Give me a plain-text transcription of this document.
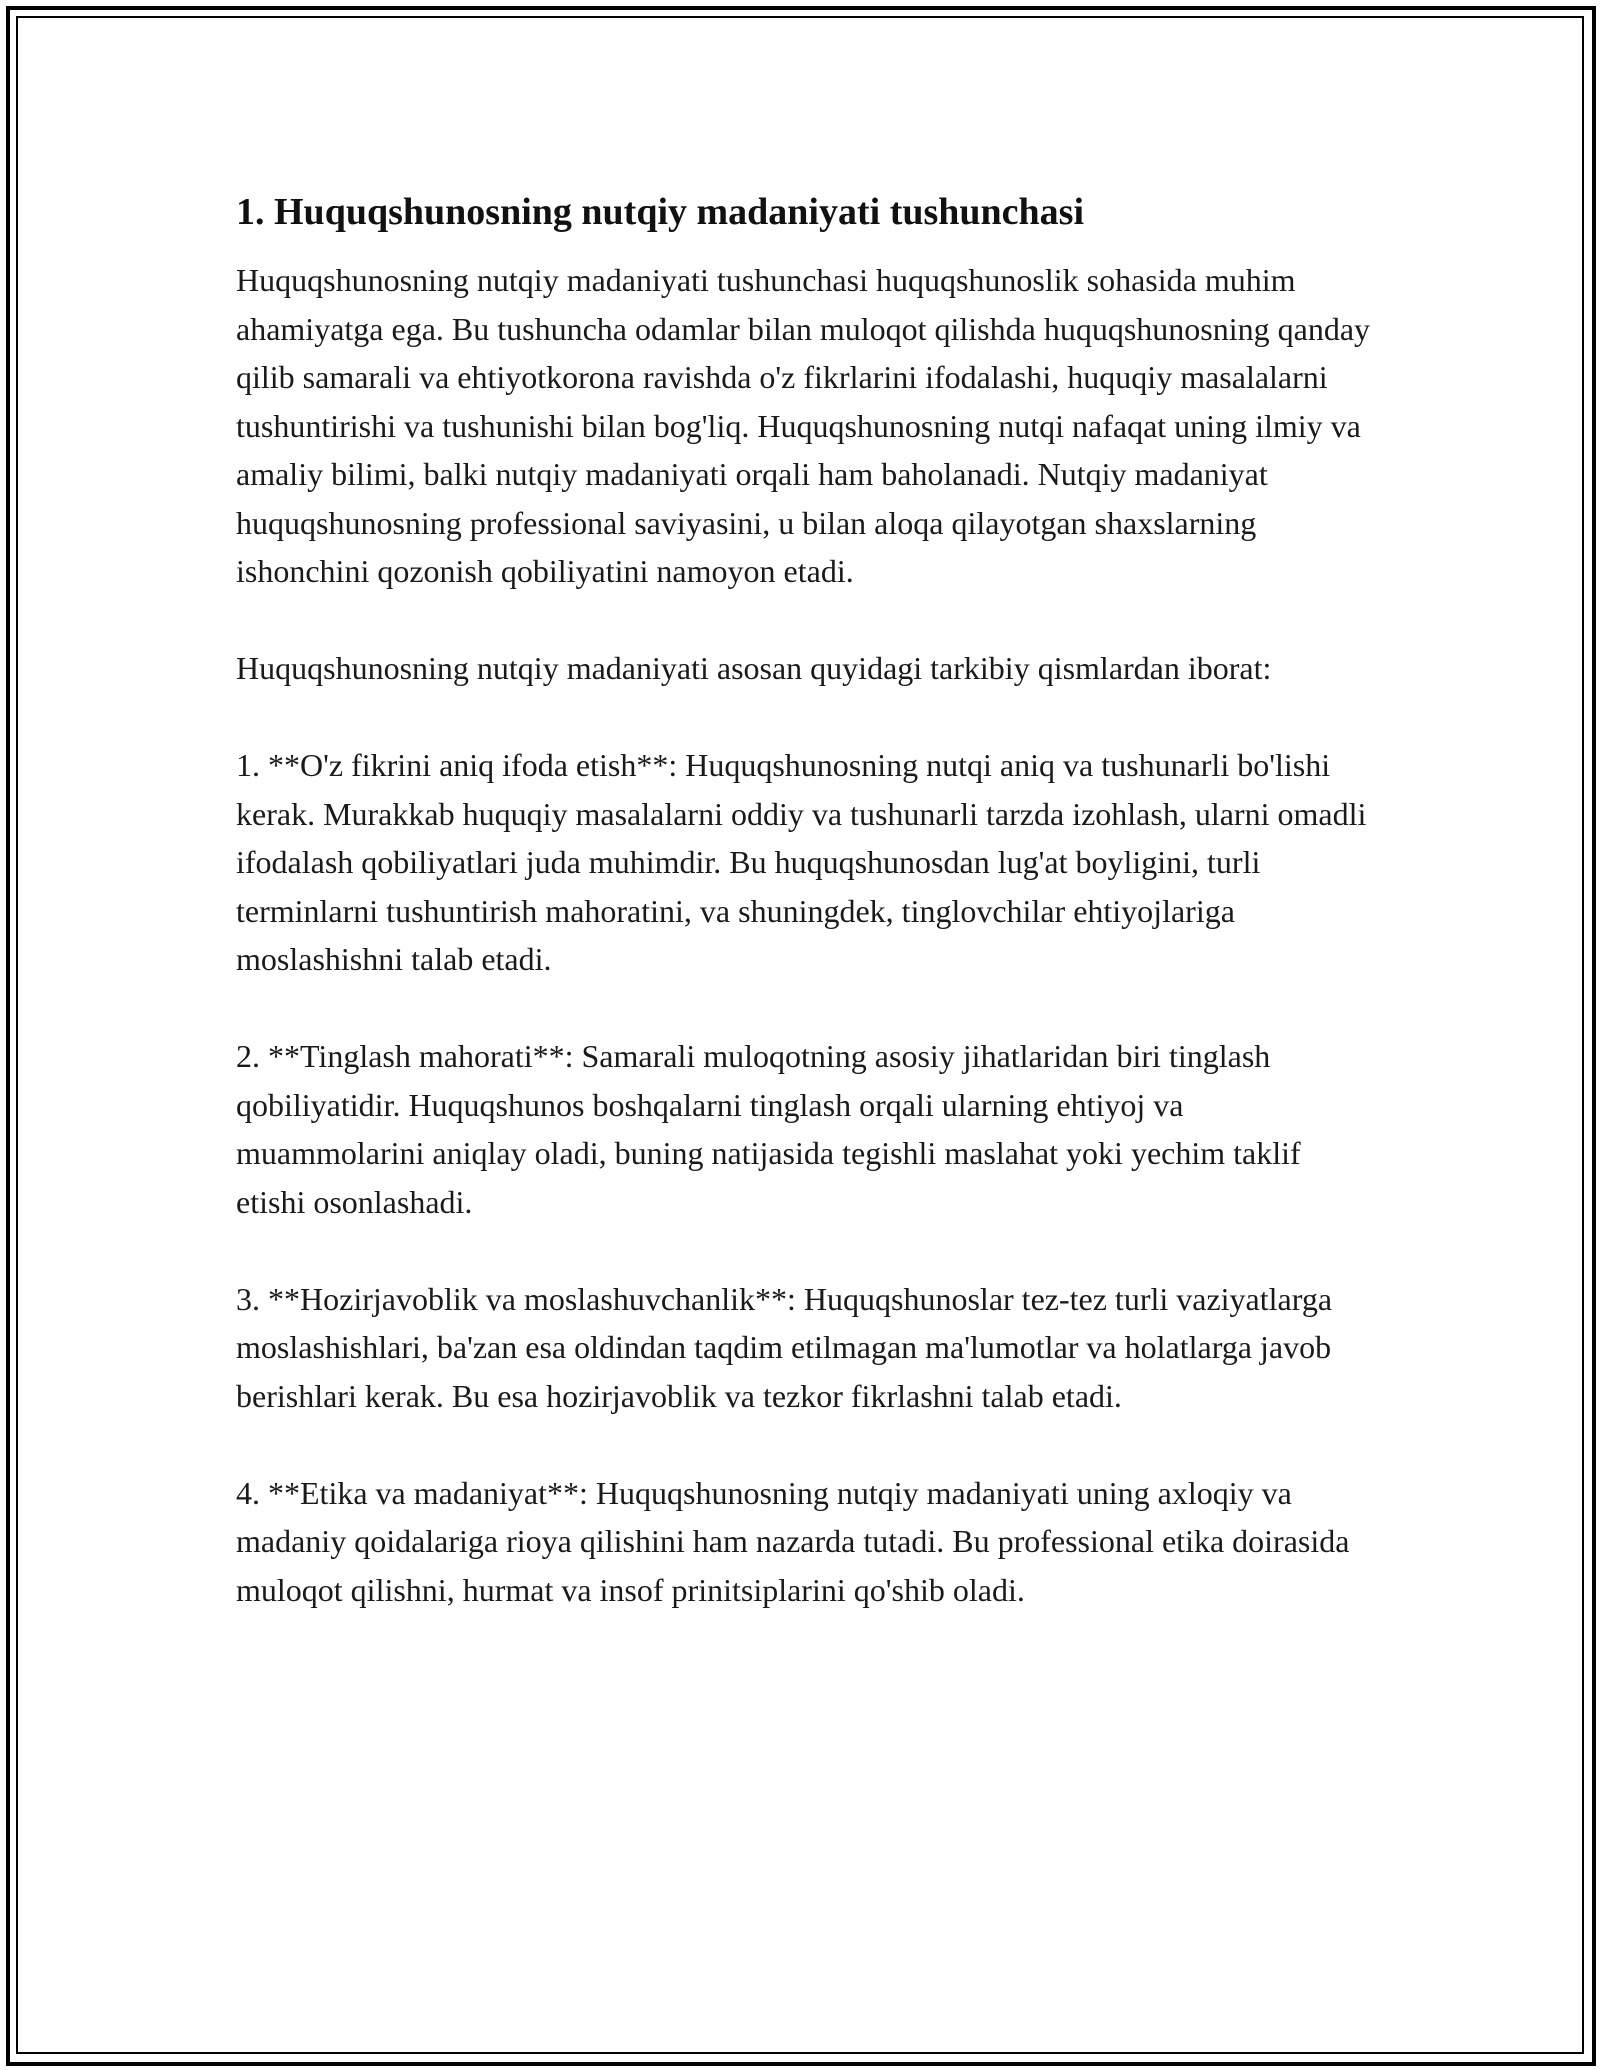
1. Huquqshunosning nutqiy madaniyati tushunchasi

Huquqshunosning nutqiy madaniyati tushunchasi huquqshunoslik sohasida muhim ahamiyatga ega. Bu tushuncha odamlar bilan muloqot qilishda huquqshunosning qanday qilib samarali va ehtiyotkorona ravishda o'z fikrlarini ifodalashi, huquqiy masalalarni tushuntirishi va tushunishi bilan bog'liq. Huquqshunosning nutqi nafaqat uning ilmiy va amaliy bilimi, balki nutqiy madaniyati orqali ham baholanadi. Nutqiy madaniyat huquqshunosning professional saviyasini, u bilan aloqa qilayotgan shaxslarning ishonchini qozonish qobiliyatini namoyon etadi.

Huquqshunosning nutqiy madaniyati asosan quyidagi tarkibiy qismlardan iborat:

1. **O'z fikrini aniq ifoda etish**: Huquqshunosning nutqi aniq va tushunarli bo'lishi kerak. Murakkab huquqiy masalalarni oddiy va tushunarli tarzda izohlash, ularni omadli ifodalash qobiliyatlari juda muhimdir. Bu huquqshunosdan lug'at boyligini, turli terminlarni tushuntirish mahoratini, va shuningdek, tinglovchilar ehtiyojlariga moslashishni talab etadi.

2. **Tinglash mahorati**: Samarali muloqotning asosiy jihatlaridan biri tinglash qobiliyatidir. Huquqshunos boshqalarni tinglash orqali ularning ehtiyoj va muammolarini aniqlay oladi, buning natijasida tegishli maslahat yoki yechim taklif etishi osonlashadi.

3. **Hozirjavoblik va moslashuvchanlik**: Huquqshunoslar tez-tez turli vaziyatlarga moslashishlari, ba'zan esa oldindan taqdim etilmagan ma'lumotlar va holatlarga javob berishlari kerak. Bu esa hozirjavoblik va tezkor fikrlashni talab etadi.

4. **Etika va madaniyat**: Huquqshunosning nutqiy madaniyati uning axloqiy va madaniy qoidalariga rioya qilishini ham nazarda tutadi. Bu professional etika doirasida muloqot qilishni, hurmat va insof prinitsiplarini qo'shib oladi.
